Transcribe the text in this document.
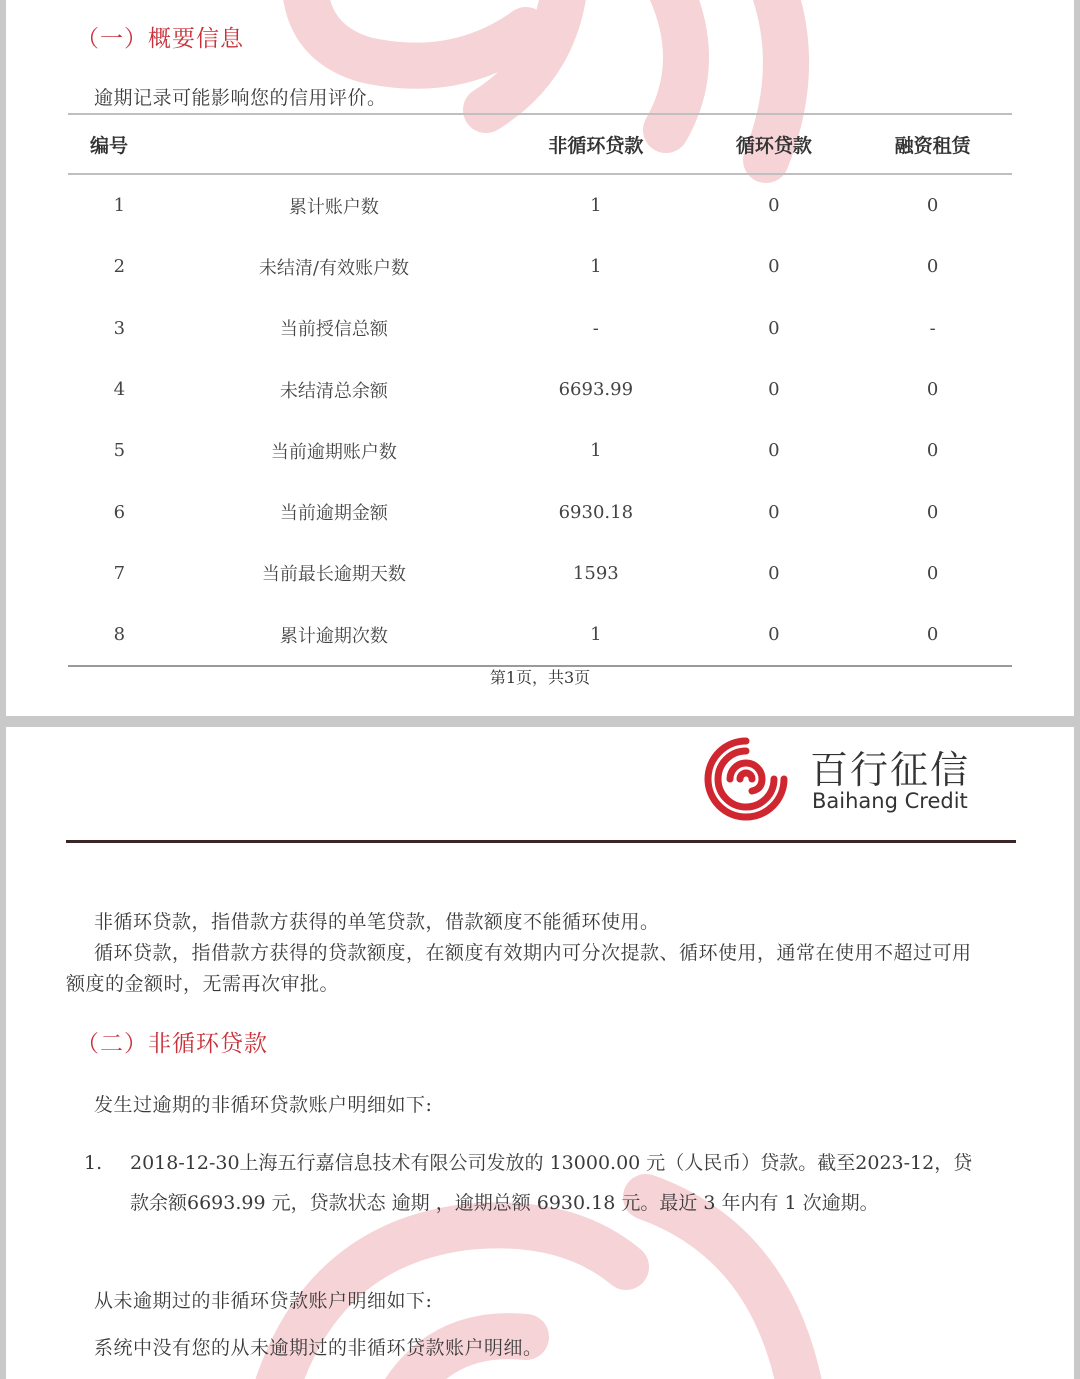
（一）概要信息
逾期记录可能影响您的信用评价。
编号		非循环贷款	循环贷款	融资租赁
1	累计账户数	1	0	0
2	未结清/有效账户数	1	0	0
3	当前授信总额	-	0	-
4	未结清总余额	6693.99	0	0
5	当前逾期账户数	1	0	0
6	当前逾期金额	6930.18	0	0
7	当前最长逾期天数	1593	0	0
8	累计逾期次数	1	0	0
第1页，共3页
百行征信
Baihang Credit
非循环贷款，指借款方获得的单笔贷款，借款额度不能循环使用。
循环贷款，指借款方获得的贷款额度，在额度有效期内可分次提款、循环使用，通常在使用不超过可用
额度的金额时，无需再次审批。
（二）非循环贷款
发生过逾期的非循环贷款账户明细如下:
1. 2018-12-30上海五行嘉信息技术有限公司发放的 13000.00 元（人民币）贷款。截至2023-12，贷
款余额6693.99 元，贷款状态 逾期 ，逾期总额 6930.18 元。最近 3 年内有 1 次逾期。
从未逾期过的非循环贷款账户明细如下:
系统中没有您的从未逾期过的非循环贷款账户明细。
